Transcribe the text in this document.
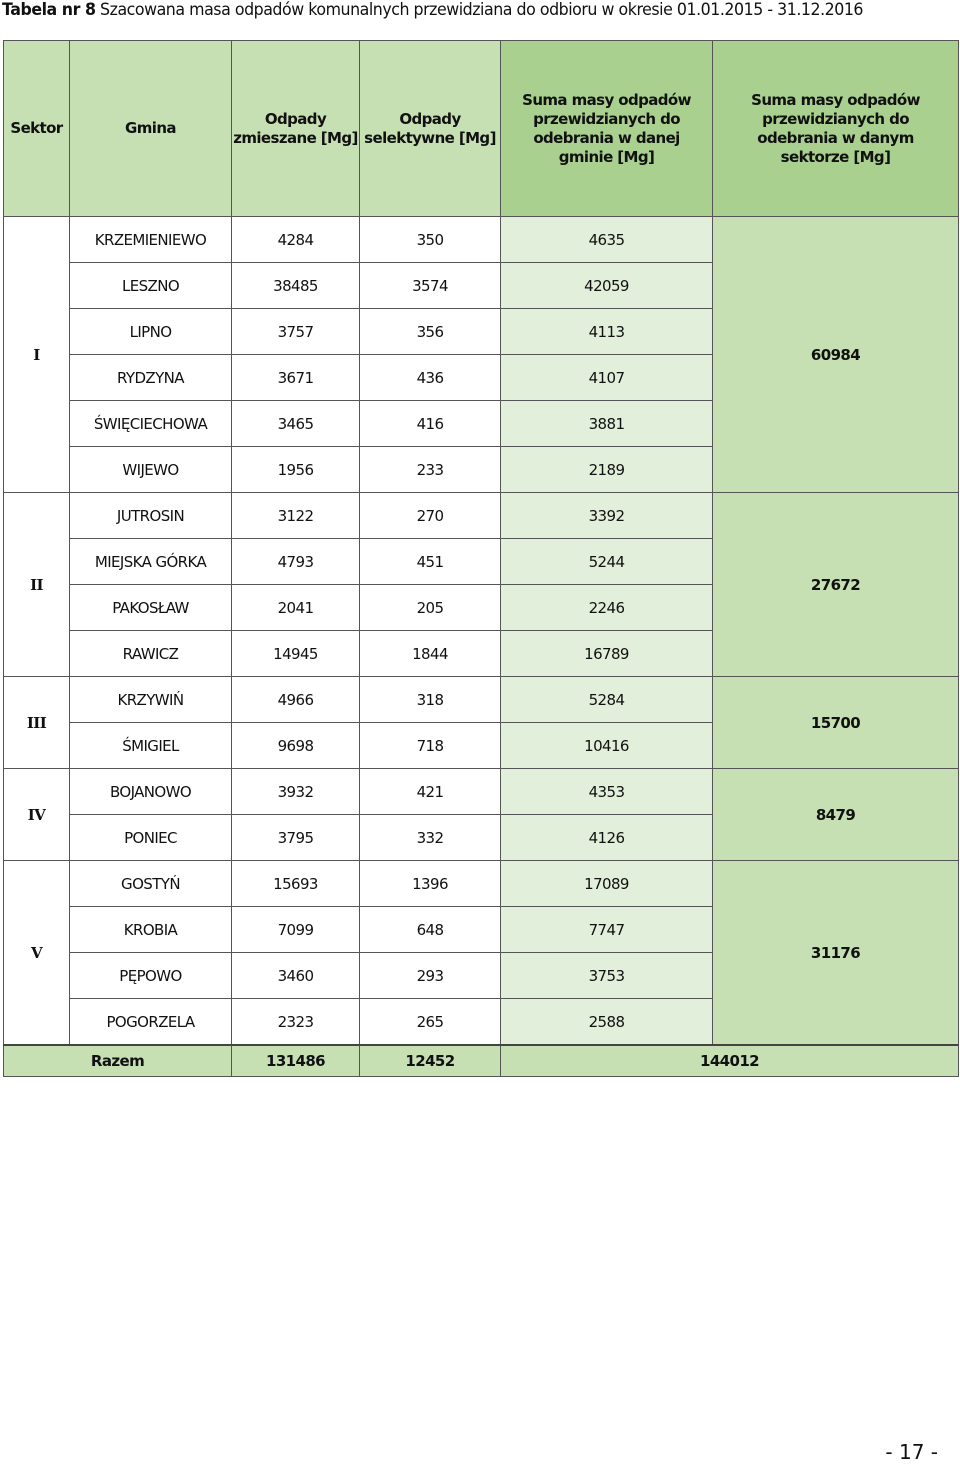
Tabela nr 8 Szacowana masa odpadów komunalnych przewidziana do odbioru w okresie 01.01.2015 - 31.12.2016
Sektor	Gmina	Odpady zmieszane [Mg]	Odpady selektywne [Mg]	Suma masy odpadów przewidzianych do odebrania w danej gminie [Mg]	Suma masy odpadów przewidzianych do odebrania w danym sektorze [Mg]
I	KRZEMIENIEWO	4284	350	4635	60984
	LESZNO	38485	3574	42059	
	LIPNO	3757	356	4113	
	RYDZYNA	3671	436	4107	
	ŚWIĘCIECHOWA	3465	416	3881	
	WIJEWO	1956	233	2189	
II	JUTROSIN	3122	270	3392	27672
	MIEJSKA GÓRKA	4793	451	5244	
	PAKOSŁAW	2041	205	2246	
	RAWICZ	14945	1844	16789	
III	KRZYWIŃ	4966	318	5284	15700
	ŚMIGIEL	9698	718	10416	
IV	BOJANOWO	3932	421	4353	8479
	PONIEC	3795	332	4126	
V	GOSTYŃ	15693	1396	17089	31176
	KROBIA	7099	648	7747	
	PĘPOWO	3460	293	3753	
	POGORZELA	2323	265	2588	
Razem		131486	12452	144012	
- 17 -
